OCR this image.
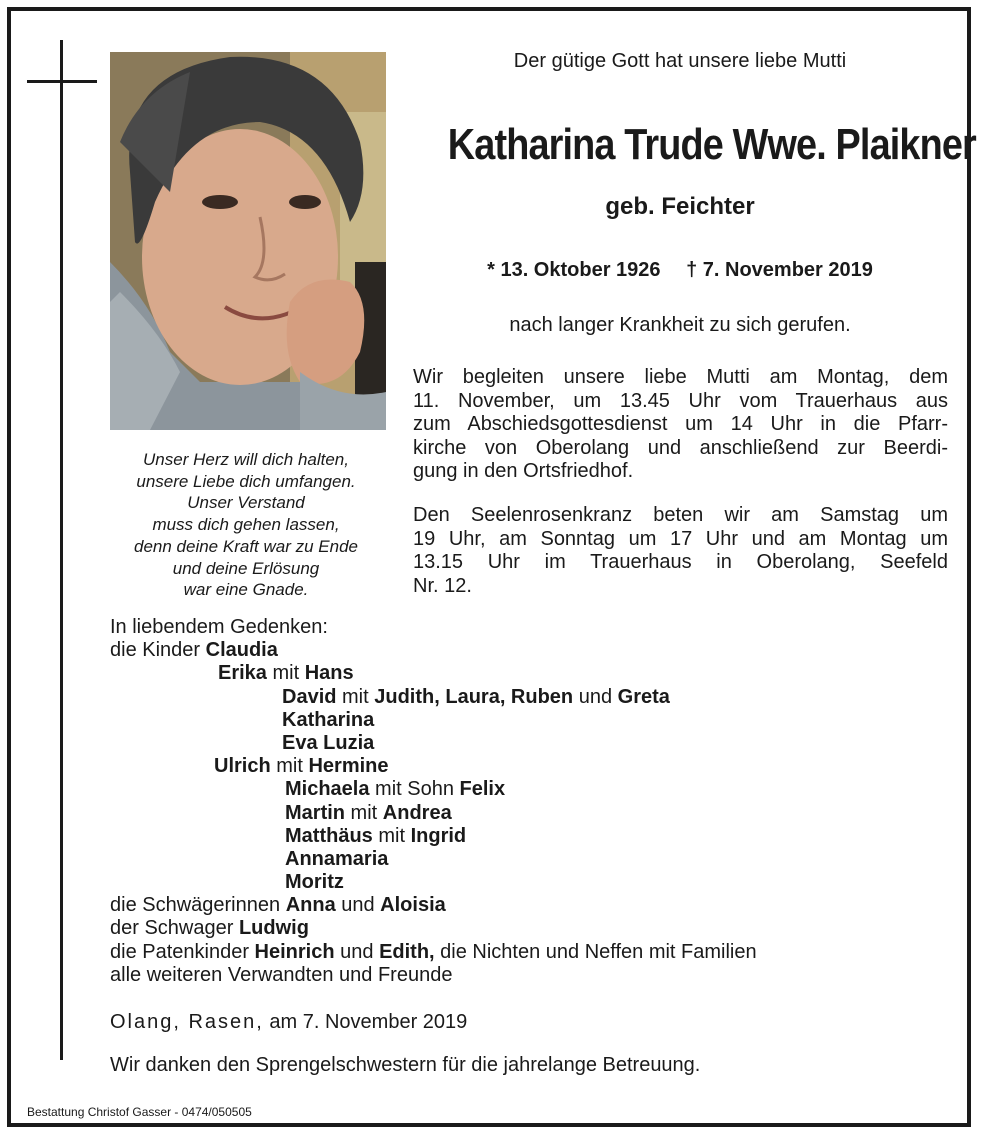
Unser Herz will dich halten,
unsere Liebe dich umfangen.
Unser Verstand
muss dich gehen lassen,
denn deine Kraft war zu Ende
und deine Erlösung
war eine Gnade.
Der gütige Gott hat unsere liebe Mutti
Katharina Trude Wwe. Plaikner
geb. Feichter
* 13. Oktober 1926 † 7. November 2019
nach langer Krankheit zu sich gerufen.
Wir begleiten unsere liebe Mutti am Montag, dem
11. November, um 13.45 Uhr vom Trauerhaus aus
zum Abschiedsgottesdienst um 14 Uhr in die Pfarr-
kirche von Oberolang und anschließend zur Beerdi-
gung in den Ortsfriedhof.
Den Seelenrosenkranz beten wir am Samstag um
19 Uhr, am Sonntag um 17 Uhr und am Montag um
13.15 Uhr im Trauerhaus in Oberolang, Seefeld
Nr. 12.
In liebendem Gedenken:
die Kinder Claudia
Erika mit Hans
David mit Judith, Laura, Ruben und Greta
Katharina
Eva Luzia
Ulrich mit Hermine
Michaela mit Sohn Felix
Martin mit Andrea
Matthäus mit Ingrid
Annamaria
Moritz
die Schwägerinnen Anna und Aloisia
der Schwager Ludwig
die Patenkinder Heinrich und Edith, die Nichten und Neffen mit Familien
alle weiteren Verwandten und Freunde
Olang, Rasen, am 7. November 2019
Wir danken den Sprengelschwestern für die jahrelange Betreuung.
Bestattung Christof Gasser - 0474/050505
